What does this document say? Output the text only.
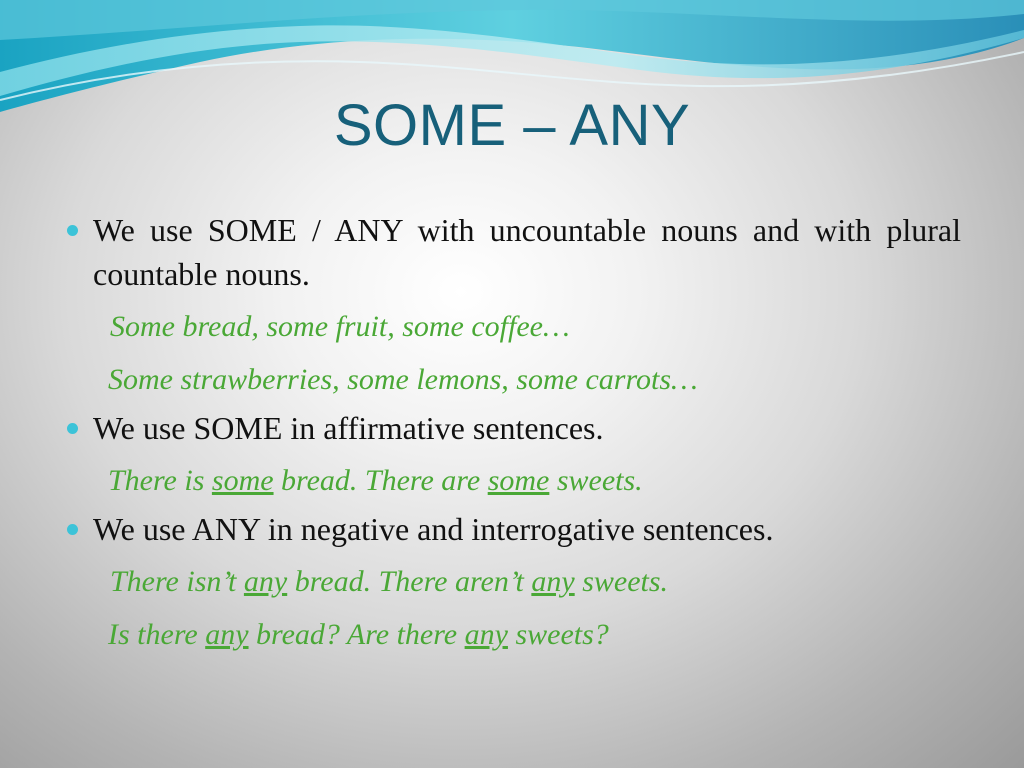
SOME – ANY
We use SOME / ANY with uncountable nouns and with plural countable nouns.
Some bread, some fruit, some coffee…
Some strawberries, some lemons, some carrots…
We use SOME in affirmative sentences.
There is some bread. There are some sweets.
We use ANY in negative and interrogative sentences.
There isn’t any bread. There aren’t any sweets.
Is there any bread? Are there any sweets?
